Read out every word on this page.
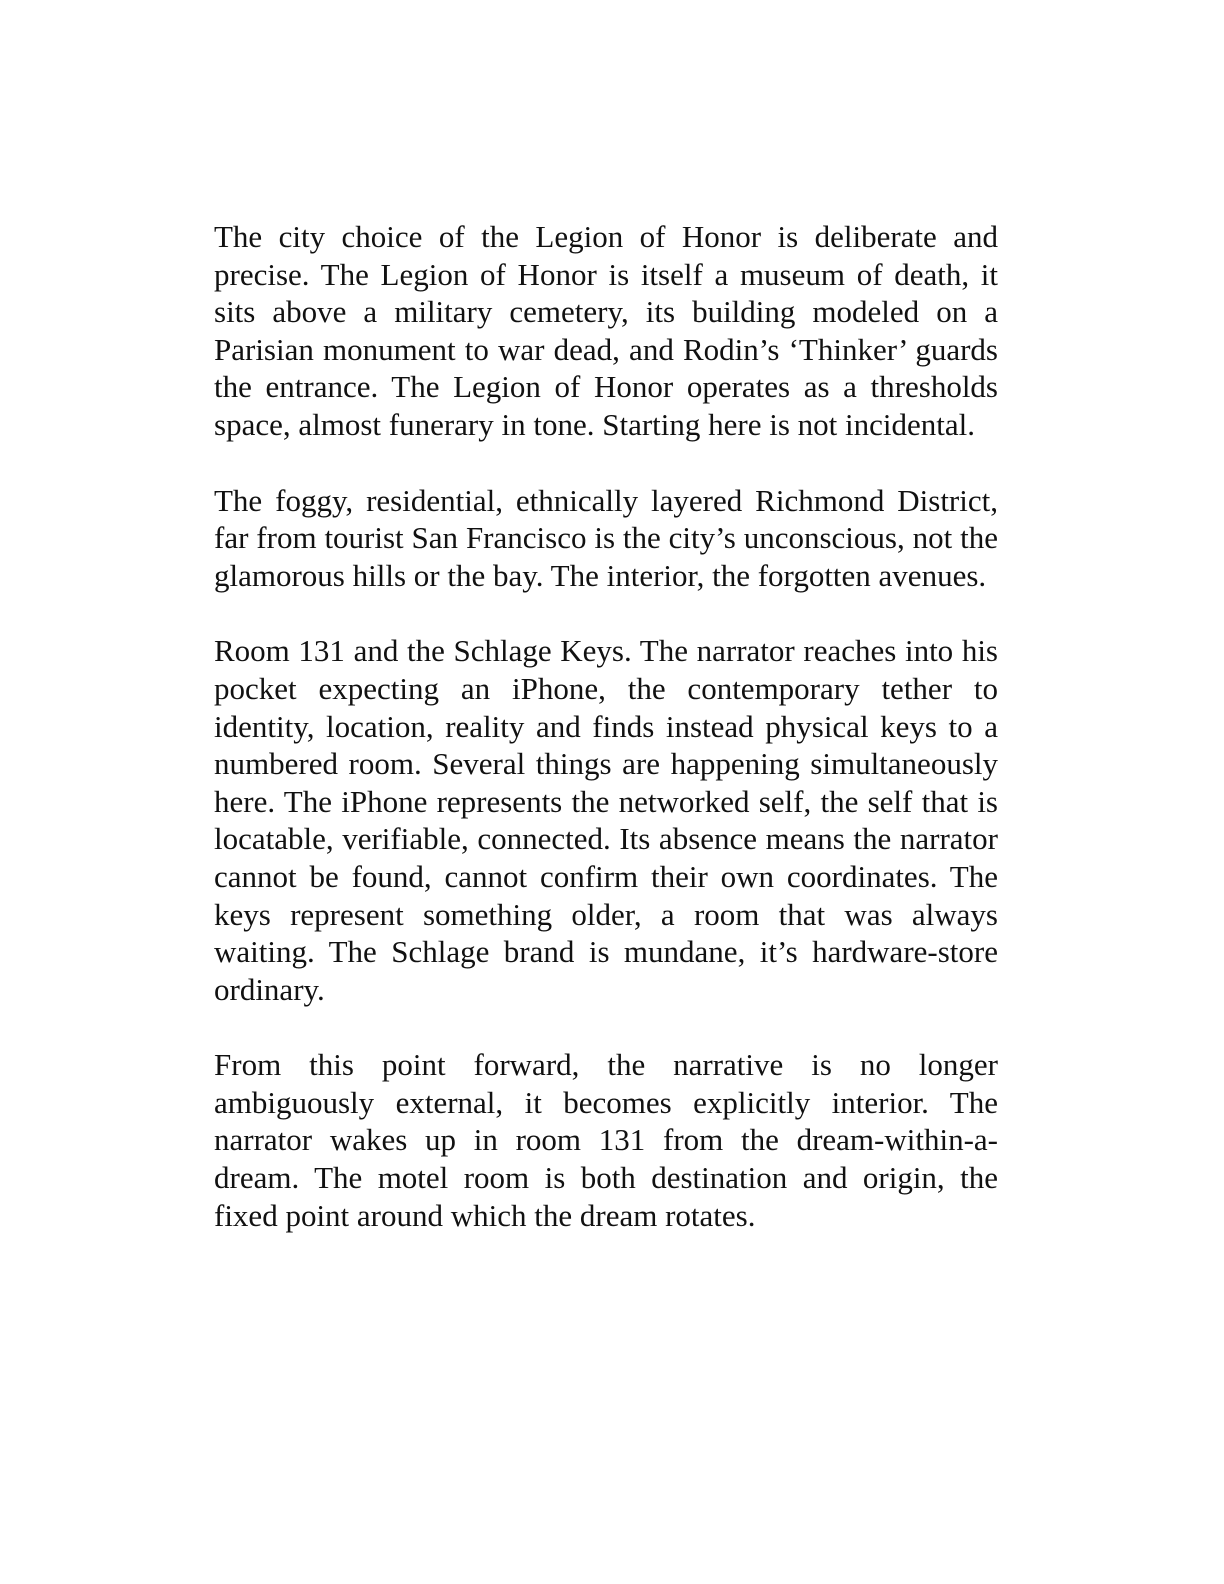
The city choice of the Legion of Honor is deliberate and precise. The Legion of Honor is itself a museum of death, it sits above a military cemetery, its building modeled on a Parisian monument to war dead, and Rodin’s ‘Thinker’ guards the entrance. The Legion of Honor operates as a thresholds space, almost funerary in tone. Starting here is not incidental.

The foggy, residential, ethnically layered Richmond District, far from tourist San Francisco is the city’s unconscious, not the glamorous hills or the bay. The interior, the forgotten avenues.

Room 131 and the Schlage Keys. The narrator reaches into his pocket expecting an iPhone, the contemporary tether to identity, location, reality and finds instead physical keys to a numbered room. Several things are happening simultaneously here. The iPhone represents the networked self, the self that is locatable, verifiable, connected. Its absence means the narrator cannot be found, cannot confirm their own coordinates. The keys represent something older, a room that was always waiting. The Schlage brand is mundane, it’s hardware-store ordinary.

From this point forward, the narrative is no longer ambiguously external, it becomes explicitly interior. The narrator wakes up in room 131 from the dream-within-a-dream. The motel room is both destination and origin, the fixed point around which the dream rotates.
